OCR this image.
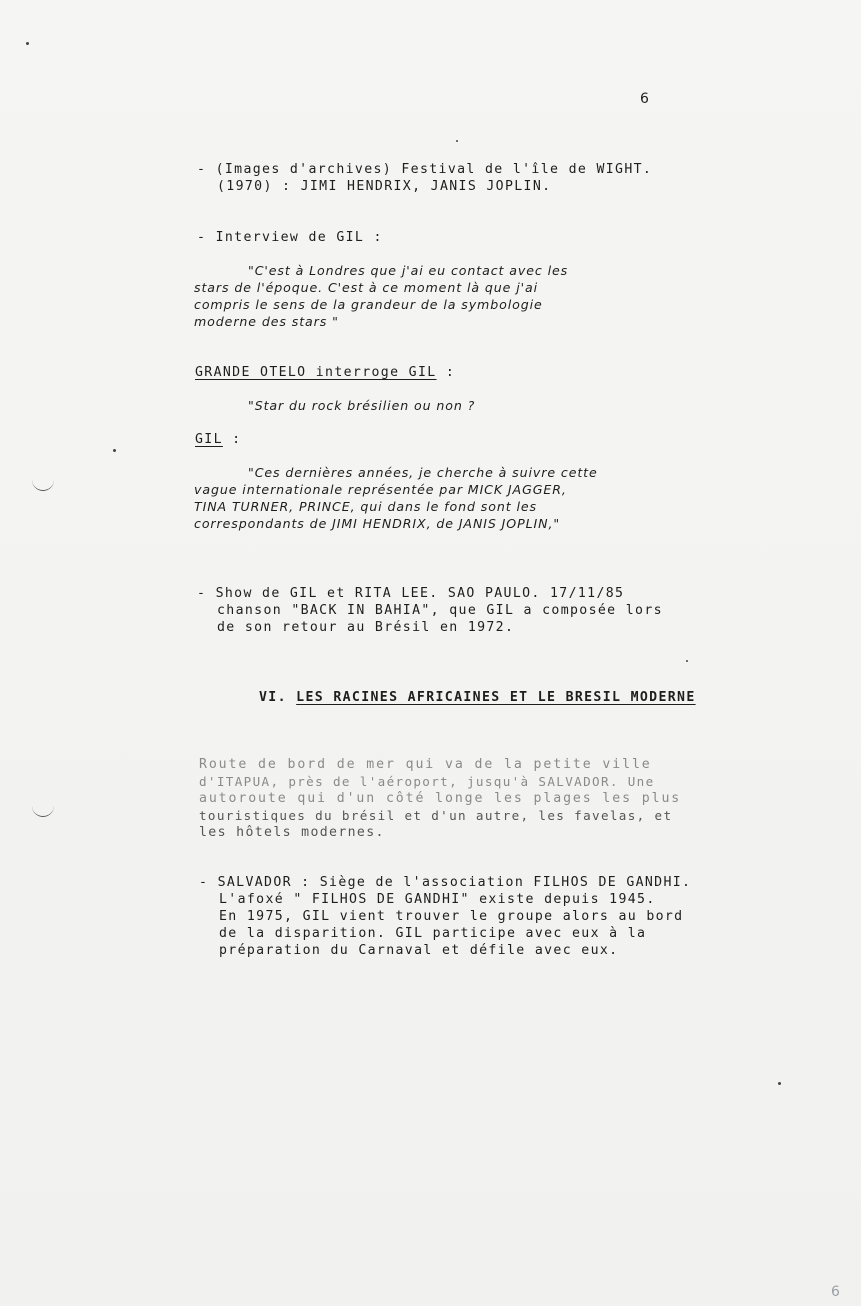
6
- (Images d'archives) Festival de l'île de WIGHT.
(1970) : JIMI HENDRIX, JANIS JOPLIN.
- Interview de GIL :
"C'est à Londres que j'ai eu contact avec les
stars de l'époque. C'est à ce moment là que j'ai
compris le sens de la grandeur de la symbologie
moderne des stars "
GRANDE OTELO interroge GIL :
"Star du rock brésilien ou non ?
GIL :
"Ces dernières années, je cherche à suivre cette
vague internationale représentée par MICK JAGGER,
TINA TURNER, PRINCE, qui dans le fond sont les
correspondants de JIMI HENDRIX, de JANIS JOPLIN,"
- Show de GIL et RITA LEE. SAO PAULO. 17/11/85
chanson "BACK IN BAHIA", que GIL a composée lors
de son retour au Brésil en 1972.
VI. LES RACINES AFRICAINES ET LE BRESIL MODERNE
Route de bord de mer qui va de la petite ville
d'ITAPUA, près de l'aéroport, jusqu'à SALVADOR. Une
autoroute qui d'un côté longe les plages les plus
touristiques du brésil et d'un autre, les favelas, et
les hôtels modernes.
- SALVADOR : Siège de l'association FILHOS DE GANDHI.
L'afoxé " FILHOS DE GANDHI" existe depuis 1945.
En 1975, GIL vient trouver le groupe alors au bord
de la disparition. GIL participe avec eux à la
préparation du Carnaval et défile avec eux.
6
